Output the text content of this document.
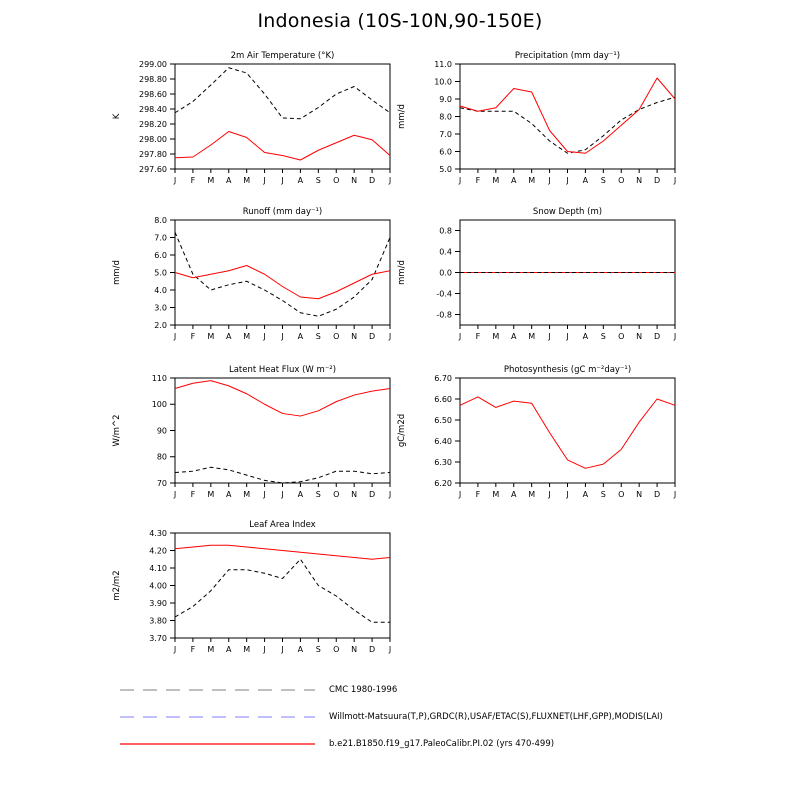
Indonesia (10S-10N,90-150E)
2m Air Temperature (°K)
297.60
297.80
298.00
298.20
298.40
298.60
298.80
299.00
J F M A M J J A S O N D J
K
Precipitation (mm day⁻¹)
5.0
6.0
7.0
8.0
9.0
10.0
11.0
J F M A M J J A S O N D J
mm/d
Runoff (mm day⁻¹)
2.0
3.0
4.0
5.0
6.0
7.0
8.0
J F M A M J J A S O N D J
mm/d
Snow Depth (m)
-0.8
-0.4
0.0
0.4
0.8
J F M A M J J A S O N D J
mm/d
Latent Heat Flux (W m⁻²)
70
80
90
100
110
J F M A M J J A S O N D J
W/m^2
Photosynthesis (gC m⁻²day⁻¹)
6.20
6.30
6.40
6.50
6.60
6.70
J F M A M J J A S O N D J
gC/m2d
Leaf Area Index
3.70
3.80
3.90
4.00
4.10
4.20
4.30
J F M A M J J A S O N D J
m2/m2
CMC 1980-1996
Willmott-Matsuura(T,P),GRDC(R),USAF/ETAC(S),FLUXNET(LHF,GPP),MODIS(LAI)
b.e21.B1850.f19_g17.PaleoCalibr.PI.02 (yrs 470-499)
